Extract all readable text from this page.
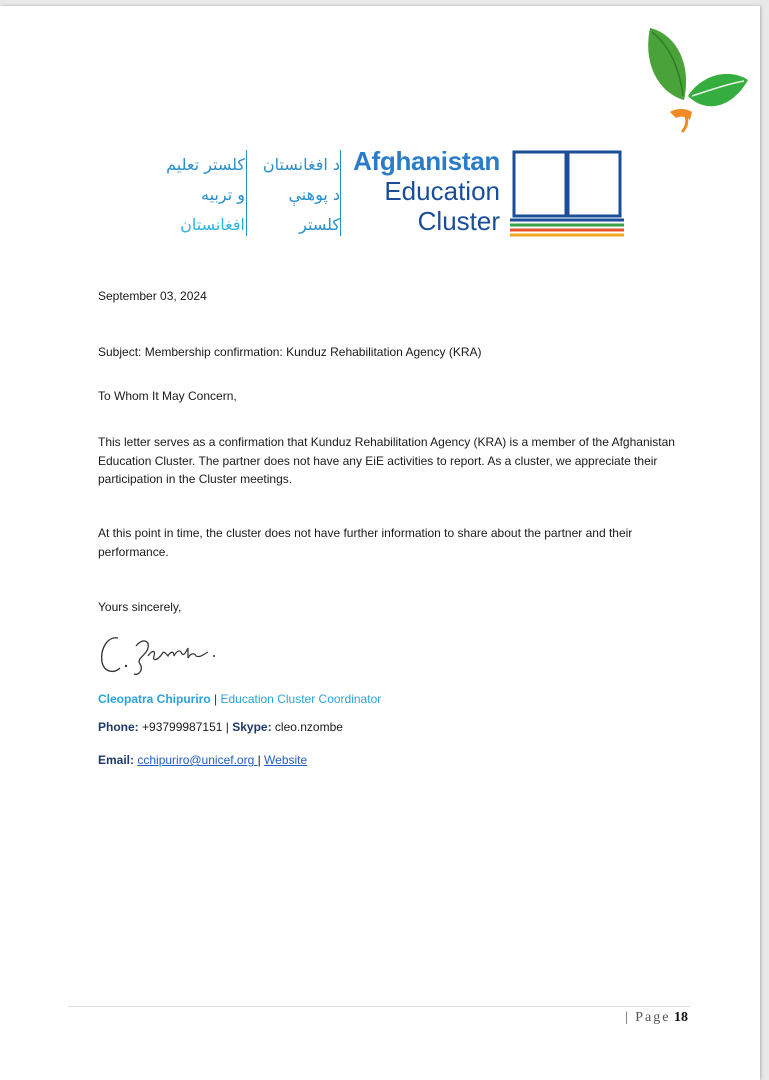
کلستر تعلیم
و تربیه
افغانستان
د افغانستان
د پوهنې
کلستر
Afghanistan
Education
Cluster
September 03, 2024
Subject: Membership confirmation: Kunduz Rehabilitation Agency (KRA)
To Whom It May Concern,
This letter serves as a confirmation that Kunduz Rehabilitation Agency (KRA) is a member of the Afghanistan Education Cluster. The partner does not have any EiE activities to report. As a cluster, we appreciate their participation in the Cluster meetings.
At this point in time, the cluster does not have further information to share about the partner and their performance.
Yours sincerely,
Cleopatra Chipuriro | Education Cluster Coordinator
Phone: +93799987151 | Skype: cleo.nzombe
Email: cchipuriro@unicef.org | Website
| Page 18
